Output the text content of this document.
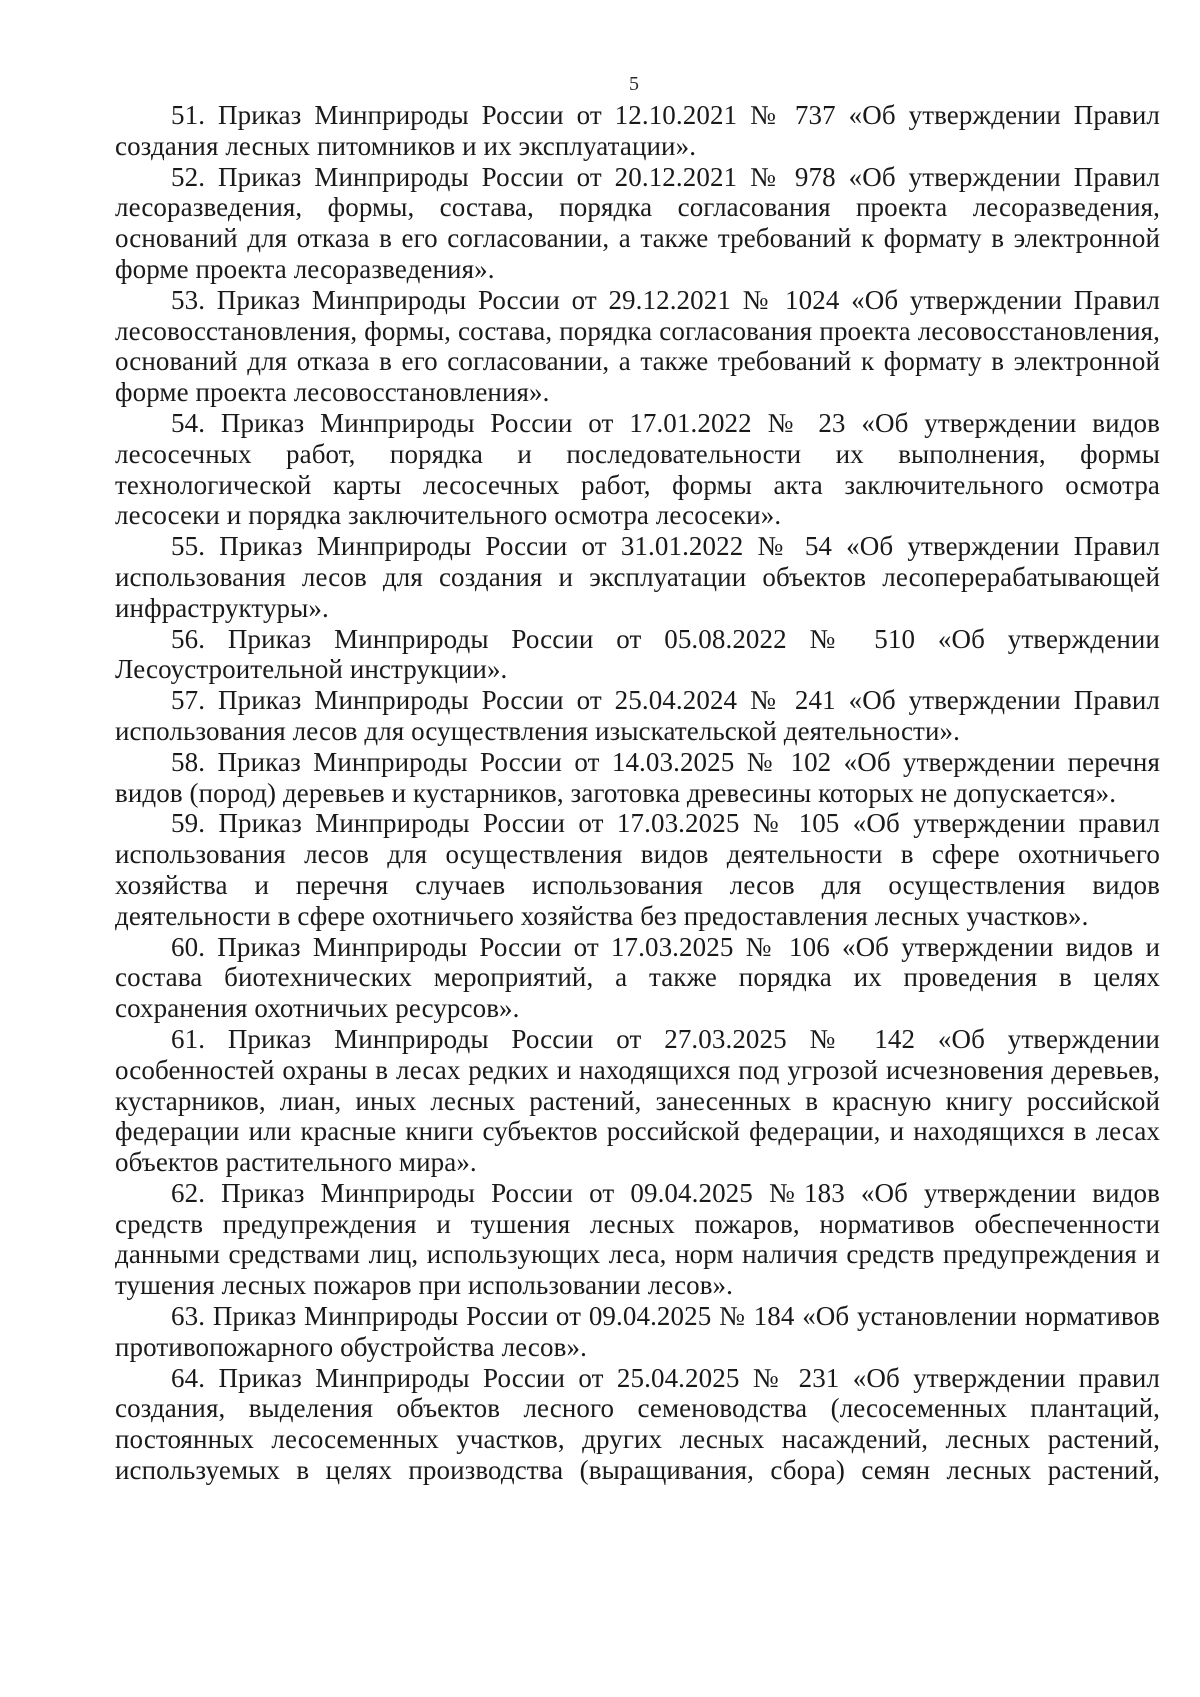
5

51. Приказ Минприроды России от 12.10.2021 № 737 «Об утверждении Правил создания лесных питомников и их эксплуатации».

52. Приказ Минприроды России от 20.12.2021 № 978 «Об утверждении Правил лесоразведения, формы, состава, порядка согласования проекта лесоразведения, оснований для отказа в его согласовании, а также требований к формату в электронной форме проекта лесоразведения».

53. Приказ Минприроды России от 29.12.2021 № 1024 «Об утверждении Правил лесовосстановления, формы, состава, порядка согласования проекта лесовосстановления, оснований для отказа в его согласовании, а также требований к формату в электронной форме проекта лесовосстановления».

54. Приказ Минприроды России от 17.01.2022 № 23 «Об утверждении видов лесосечных работ, порядка и последовательности их выполнения, формы технологической карты лесосечных работ, формы акта заключительного осмотра лесосеки и порядка заключительного осмотра лесосеки».

55. Приказ Минприроды России от 31.01.2022 № 54 «Об утверждении Правил использования лесов для создания и эксплуатации объектов лесоперерабатывающей инфраструктуры».

56. Приказ Минприроды России от 05.08.2022 № 510 «Об утверждении Лесоустроительной инструкции».

57. Приказ Минприроды России от 25.04.2024 № 241 «Об утверждении Правил использования лесов для осуществления изыскательской деятельности».

58. Приказ Минприроды России от 14.03.2025 № 102 «Об утверждении перечня видов (пород) деревьев и кустарников, заготовка древесины которых не допускается».

59. Приказ Минприроды России от 17.03.2025 № 105 «Об утверждении правил использования лесов для осуществления видов деятельности в сфере охотничьего хозяйства и перечня случаев использования лесов для осуществления видов деятельности в сфере охотничьего хозяйства без предоставления лесных участков».

60. Приказ Минприроды России от 17.03.2025 № 106 «Об утверждении видов и состава биотехнических мероприятий, а также порядка их проведения в целях сохранения охотничьих ресурсов».

61. Приказ Минприроды России от 27.03.2025 № 142 «Об утверждении особенностей охраны в лесах редких и находящихся под угрозой исчезновения деревьев, кустарников, лиан, иных лесных растений, занесенных в красную книгу российской федерации или красные книги субъектов российской федерации, и находящихся в лесах объектов растительного мира».

62. Приказ Минприроды России от 09.04.2025 №183 «Об утверждении видов средств предупреждения и тушения лесных пожаров, нормативов обеспеченности данными средствами лиц, использующих леса, норм наличия средств предупреждения и тушения лесных пожаров при использовании лесов».

63. Приказ Минприроды России от 09.04.2025 № 184 «Об установлении нормативов противопожарного обустройства лесов».

64. Приказ Минприроды России от 25.04.2025 № 231 «Об утверждении правил создания, выделения объектов лесного семеноводства (лесосеменных плантаций, постоянных лесосеменных участков, других лесных насаждений, лесных растений, используемых в целях производства (выращивания, сбора) семян лесных растений,
